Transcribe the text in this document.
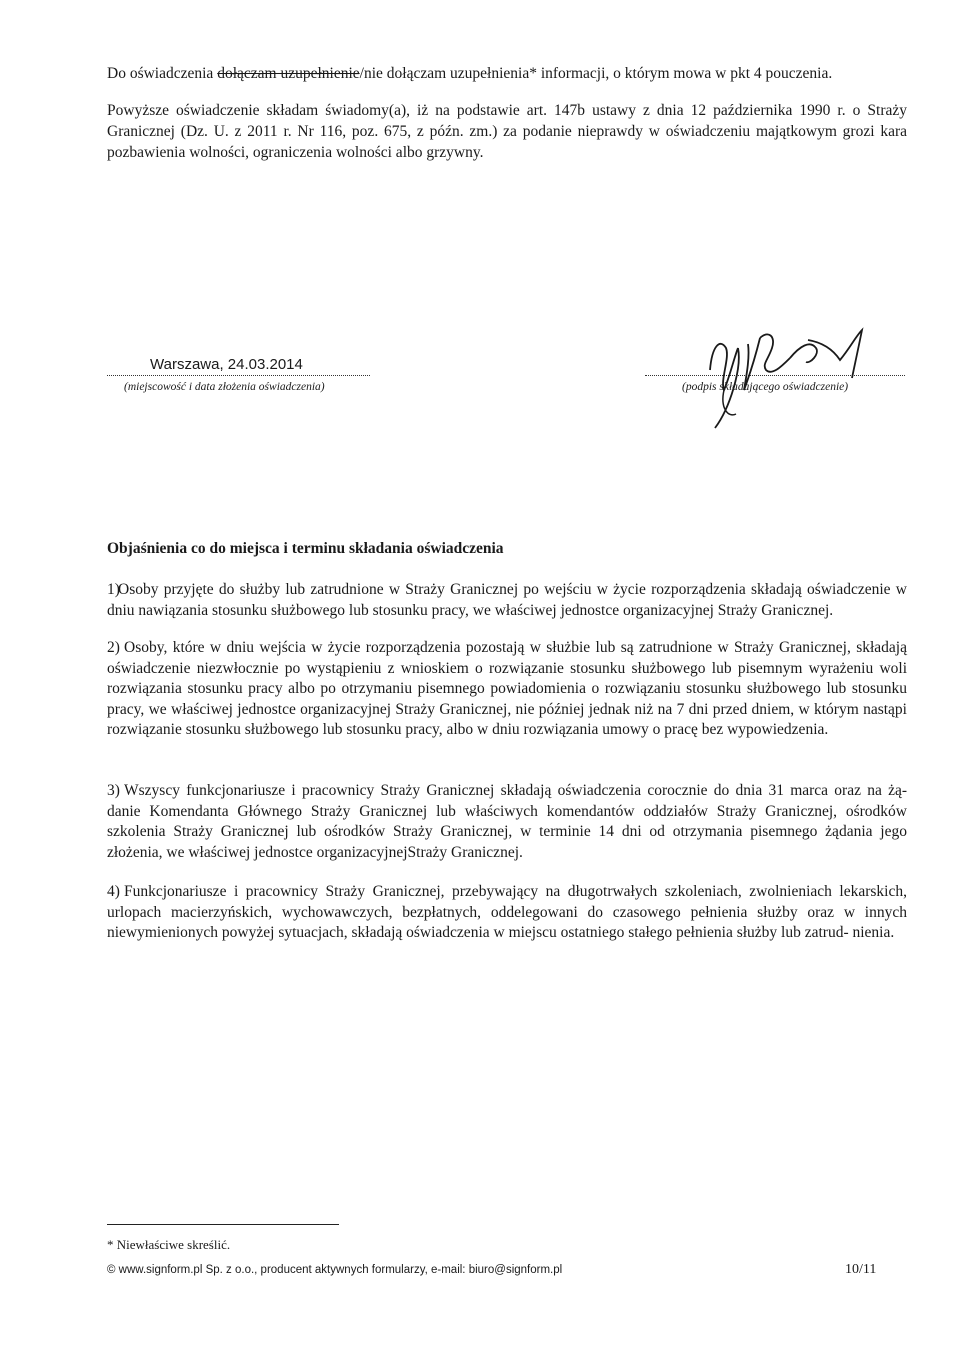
Do oświadczenia dołączam uzupełnienie/nie dołączam uzupełnienia* informacji, o którym mowa w pkt 4 pouczenia.
Powyższe oświadczenie składam świadomy(a), iż na podstawie art. 147b ustawy z dnia 12 października 1990 r. o Straży Granicznej (Dz. U. z 2011 r. Nr 116, poz. 675, z późn. zm.) za podanie nieprawdy w oświadczeniu majątkowym grozi kara pozbawienia wolności, ograniczenia wolności albo grzywny.
Warszawa, 24.03.2014
(miejscowość i data złożenia oświadczenia)	(podpis składającego oświadczenie)
Objaśnienia co do miejsca i terminu składania oświadczenia
1)
Osoby przyjęte do służby lub zatrudnione w Straży Granicznej po wejściu w życie rozporządzenia składają oświadczenie w dniu nawiązania stosunku służbowego lub stosunku pracy, we właściwej jednostce organizacyjnej Straży Granicznej.
2) Osoby, które w dniu wejścia w życie rozporządzenia pozostają w służbie lub są zatrudnione w Straży Granicznej, składają oświadczenie niezwłocznie po wystąpieniu z wnioskiem o rozwiązanie stosunku służbowego lub pisemnym wyrażeniu woli rozwiązania stosunku pracy albo po otrzymaniu pisemnego powiadomienia o rozwiązaniu stosunku służbowego lub stosunku pracy, we właściwej jednostce organizacyjnej Straży Granicznej, nie później jednak niż na 7 dni przed dniem, w którym nastąpi rozwiązanie stosunku służbowego lub stosunku pracy, albo w dniu rozwiązania umowy o pracę bez wypowiedzenia.
3) Wszyscy funkcjonariusze i pracownicy Straży Granicznej składają oświadczenia corocznie do dnia 31 marca oraz na żą- danie Komendanta Głównego Straży Granicznej lub właściwych komendantów oddziałów Straży Granicznej, ośrodków szkolenia Straży Granicznej lub ośrodków Straży Granicznej, w terminie 14 dni od otrzymania pisemnego żądania jego złożenia, we właściwej jednostce organizacyjnejStraży Granicznej.
4) Funkcjonariusze i pracownicy Straży Granicznej, przebywający na długotrwałych szkoleniach, zwolnieniach lekarskich, urlopach macierzyńskich, wychowawczych, bezpłatnych, oddelegowani do czasowego pełnienia służby oraz w innych niewymienionych powyżej sytuacjach, składają oświadczenia w miejscu ostatniego stałego pełnienia służby lub zatrud- nienia.
* Niewłaściwe skreślić.
© www.signform.pl Sp. z o.o., producent aktywnych formularzy, e-mail: biuro@signform.pl	10/11
